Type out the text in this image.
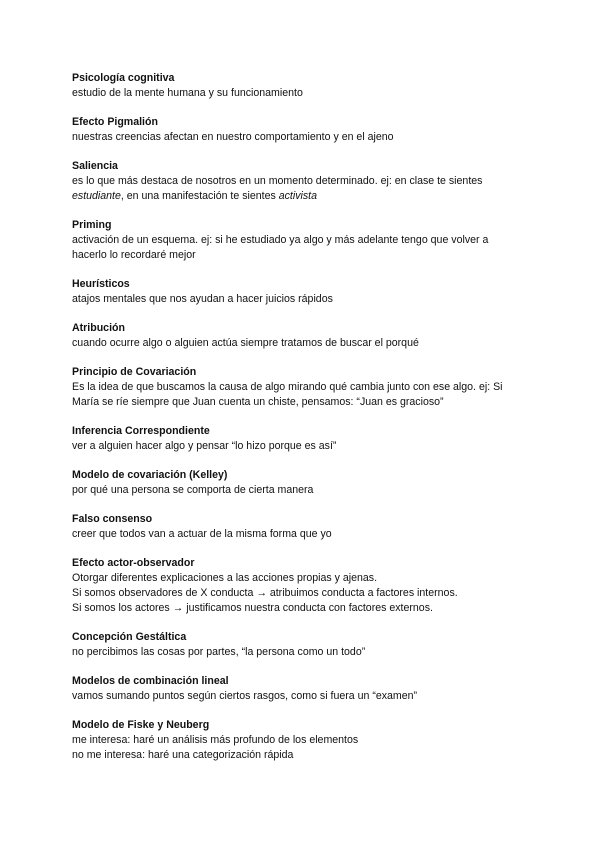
Psicología cognitiva

estudio de la mente humana y su funcionamiento

Efecto Pigmalión

nuestras creencias afectan en nuestro comportamiento y en el ajeno

Saliencia

es lo que más destaca de nosotros en un momento determinado. ej: en clase te sientes
estudiante, en una manifestación te sientes activista

Priming

activación de un esquema. ej: si he estudiado ya algo y más adelante tengo que volver a
hacerlo lo recordaré mejor

Heurísticos

atajos mentales que nos ayudan a hacer juicios rápidos

Atribución

cuando ocurre algo o alguien actúa siempre tratamos de buscar el porqué

Principio de Covariación

Es la idea de que buscamos la causa de algo mirando qué cambia junto con ese algo. ej: Si
María se ríe siempre que Juan cuenta un chiste, pensamos: “Juan es gracioso”

Inferencia Correspondiente

ver a alguien hacer algo y pensar “lo hizo porque es así”

Modelo de covariación (Kelley)

por qué una persona se comporta de cierta manera

Falso consenso

creer que todos van a actuar de la misma forma que yo

Efecto actor-observador

Otorgar diferentes explicaciones a las acciones propias y ajenas.
Si somos observadores de X conducta → atribuimos conducta a factores internos.
Si somos los actores → justificamos nuestra conducta con factores externos.

Concepción Gestáltica

no percibimos las cosas por partes, “la persona como un todo”

Modelos de combinación lineal

vamos sumando puntos según ciertos rasgos, como si fuera un “examen”

Modelo de Fiske y Neuberg

me interesa: haré un análisis más profundo de los elementos
no me interesa: haré una categorización rápida
